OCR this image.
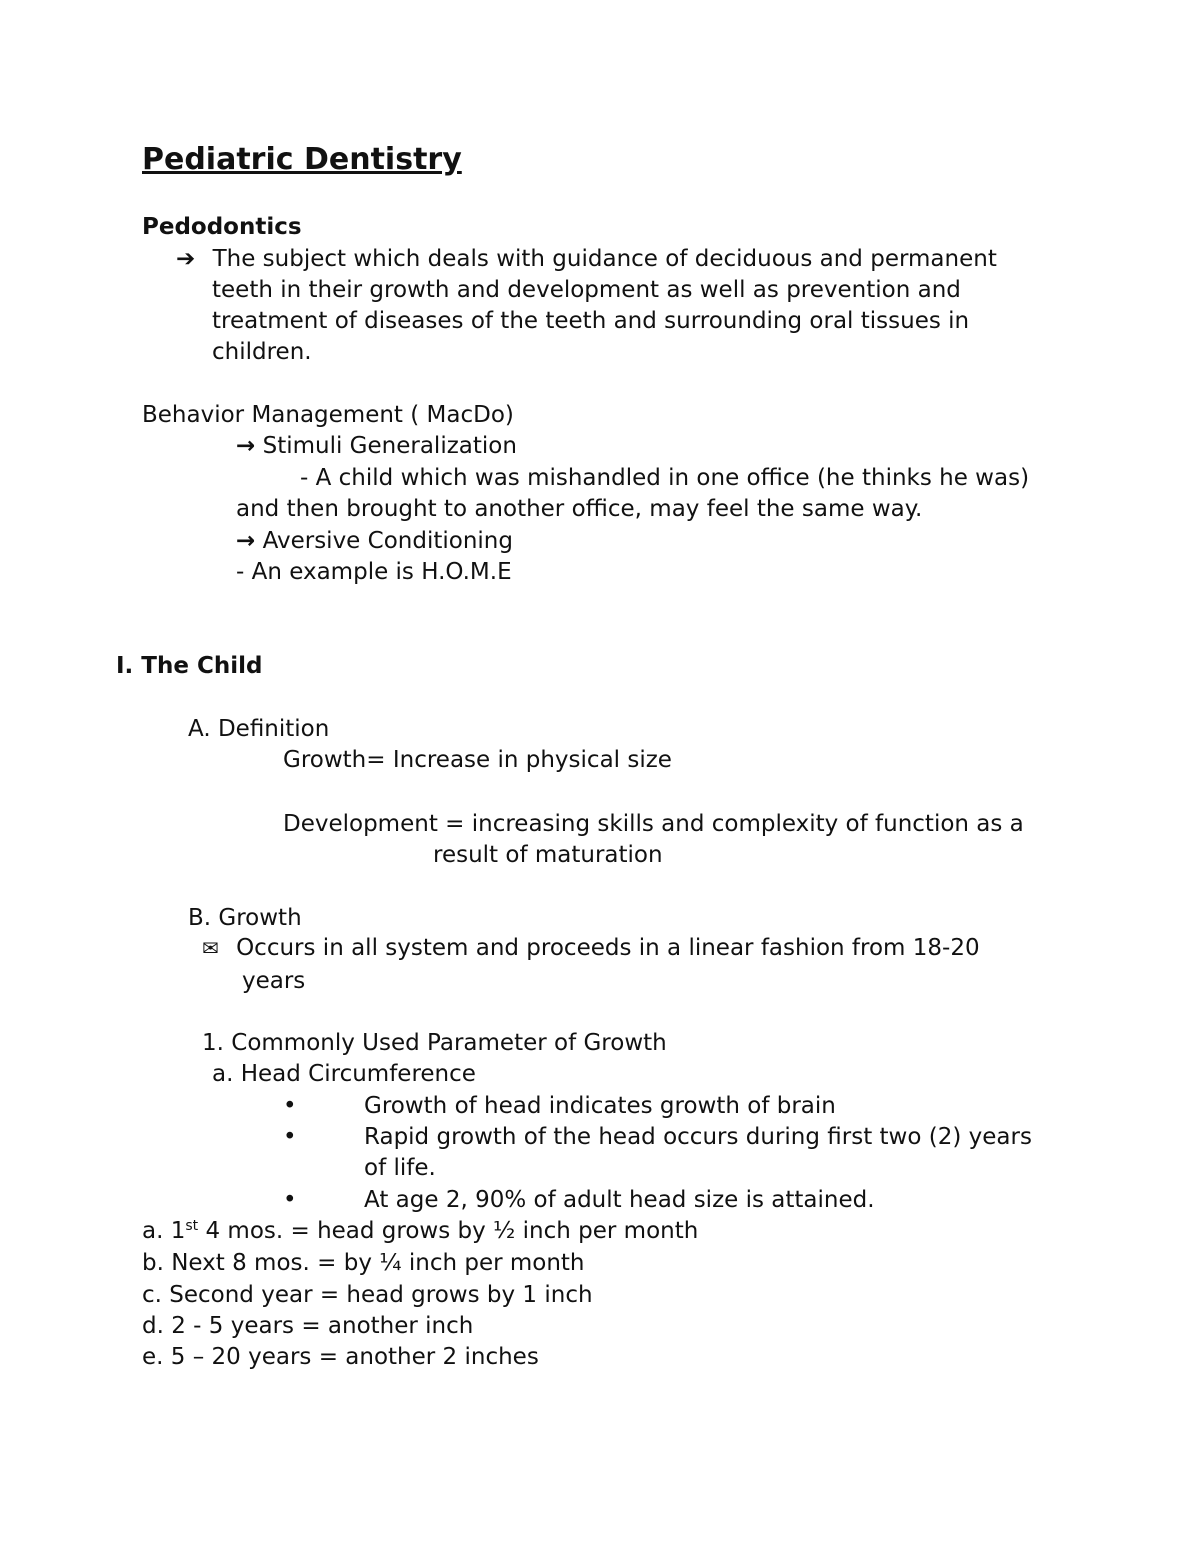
Pediatric Dentistry
Pedodontics
➔ The subject which deals with guidance of deciduous and permanent
teeth in their growth and development as well as prevention and
treatment of diseases of the teeth and surrounding oral tissues in
children.
Behavior Management ( MacDo)
→ Stimuli Generalization
- A child which was mishandled in one office (he thinks he was)
and then brought to another office, may feel the same way.
→ Aversive Conditioning
- An example is H.O.M.E
I. The Child
A. Definition
Growth= Increase in physical size
Development = increasing skills and complexity of function as a
result of maturation
B. Growth
✉ Occurs in all system and proceeds in a linear fashion from 18-20
years
1. Commonly Used Parameter of Growth
a. Head Circumference
•	Growth of head indicates growth of brain
•	Rapid growth of the head occurs during first two (2) years
of life.
•	At age 2, 90% of adult head size is attained.
a. 1st 4 mos. = head grows by ½ inch per month
b. Next 8 mos. = by ¼ inch per month
c. Second year = head grows by 1 inch
d. 2 - 5 years = another inch
e. 5 – 20 years = another 2 inches
